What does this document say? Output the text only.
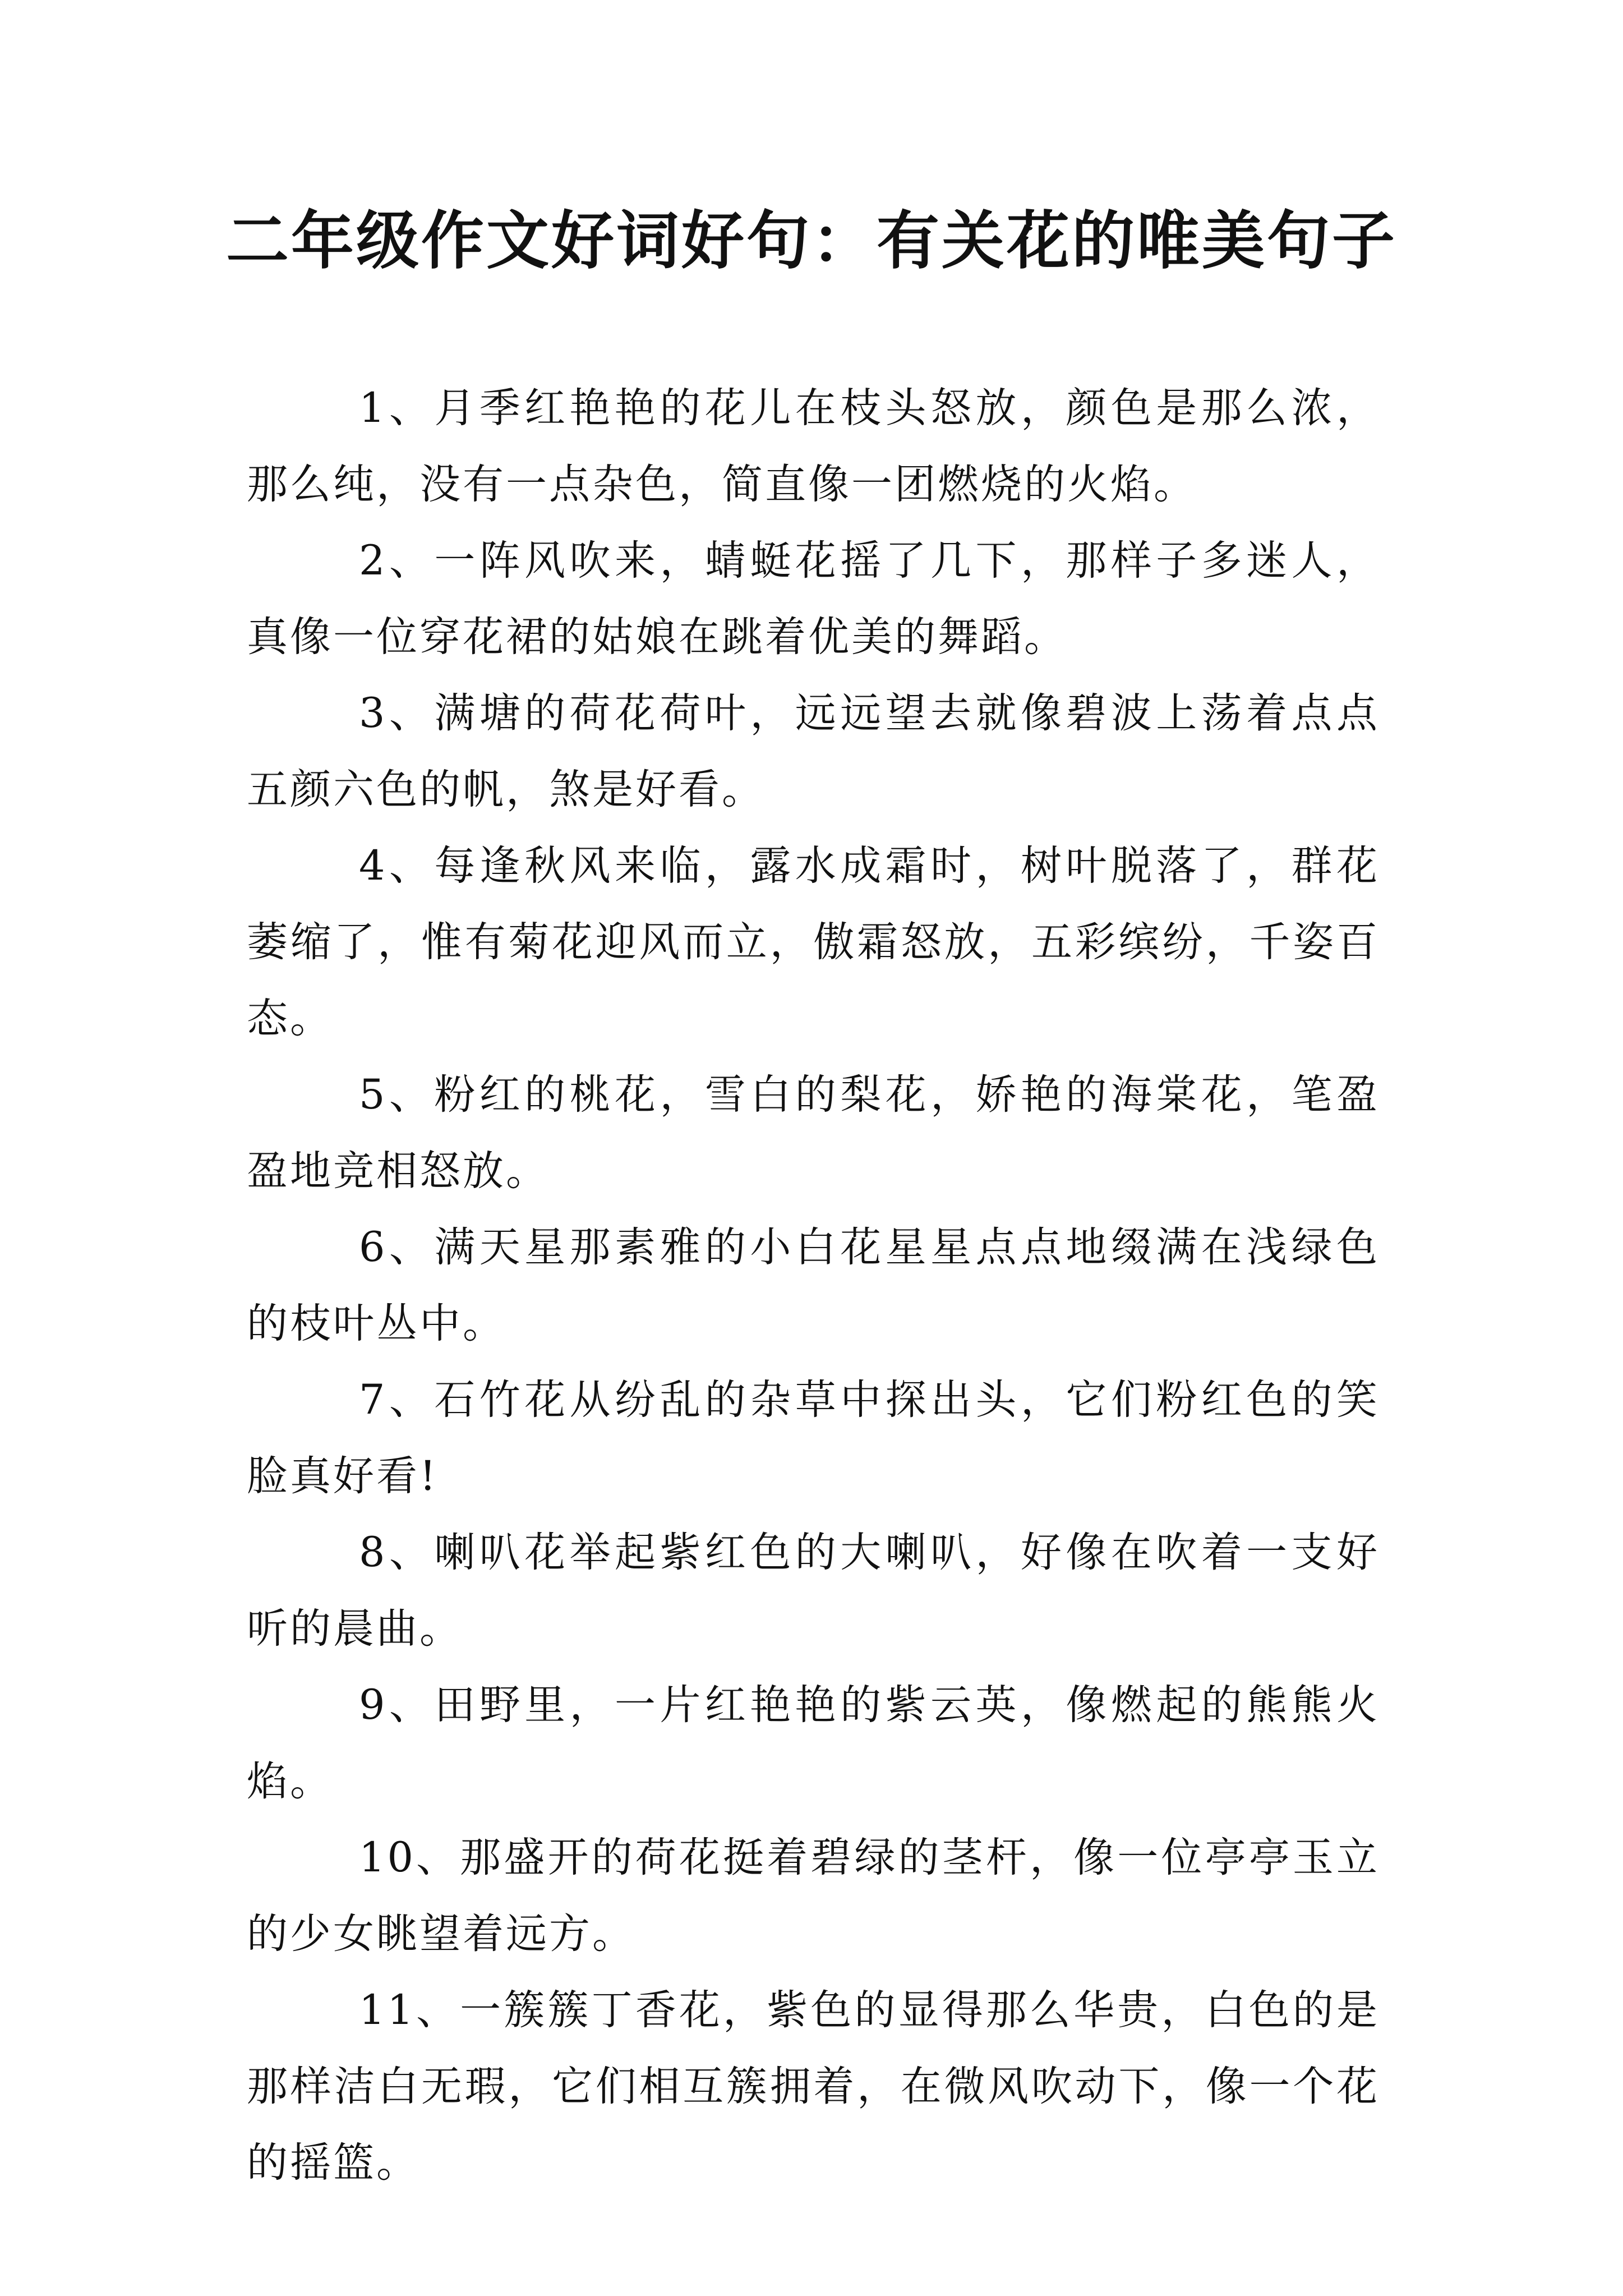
二年级作文好词好句：有关花的唯美句子

1、月季红艳艳的花儿在枝头怒放，颜色是那么浓，那么纯，没有一点杂色，简直像一团燃烧的火焰。

2、一阵风吹来，蜻蜓花摇了几下，那样子多迷人，真像一位穿花裙的姑娘在跳着优美的舞蹈。

3、满塘的荷花荷叶，远远望去就像碧波上荡着点点五颜六色的帆，煞是好看。

4、每逢秋风来临，露水成霜时，树叶脱落了，群花萎缩了，惟有菊花迎风而立，傲霜怒放，五彩缤纷，千姿百态。

5、粉红的桃花，雪白的梨花，娇艳的海棠花，笔盈盈地竞相怒放。

6、满天星那素雅的小白花星星点点地缀满在浅绿色的枝叶丛中。

7、石竹花从纷乱的杂草中探出头，它们粉红色的笑脸真好看!

8、喇叭花举起紫红色的大喇叭，好像在吹着一支好听的晨曲。

9、田野里，一片红艳艳的紫云英，像燃起的熊熊火焰。

10、那盛开的荷花挺着碧绿的茎杆，像一位亭亭玉立的少女眺望着远方。

11、一簇簇丁香花，紫色的显得那么华贵，白色的是那样洁白无瑕，它们相互簇拥着，在微风吹动下，像一个花的摇篮。
